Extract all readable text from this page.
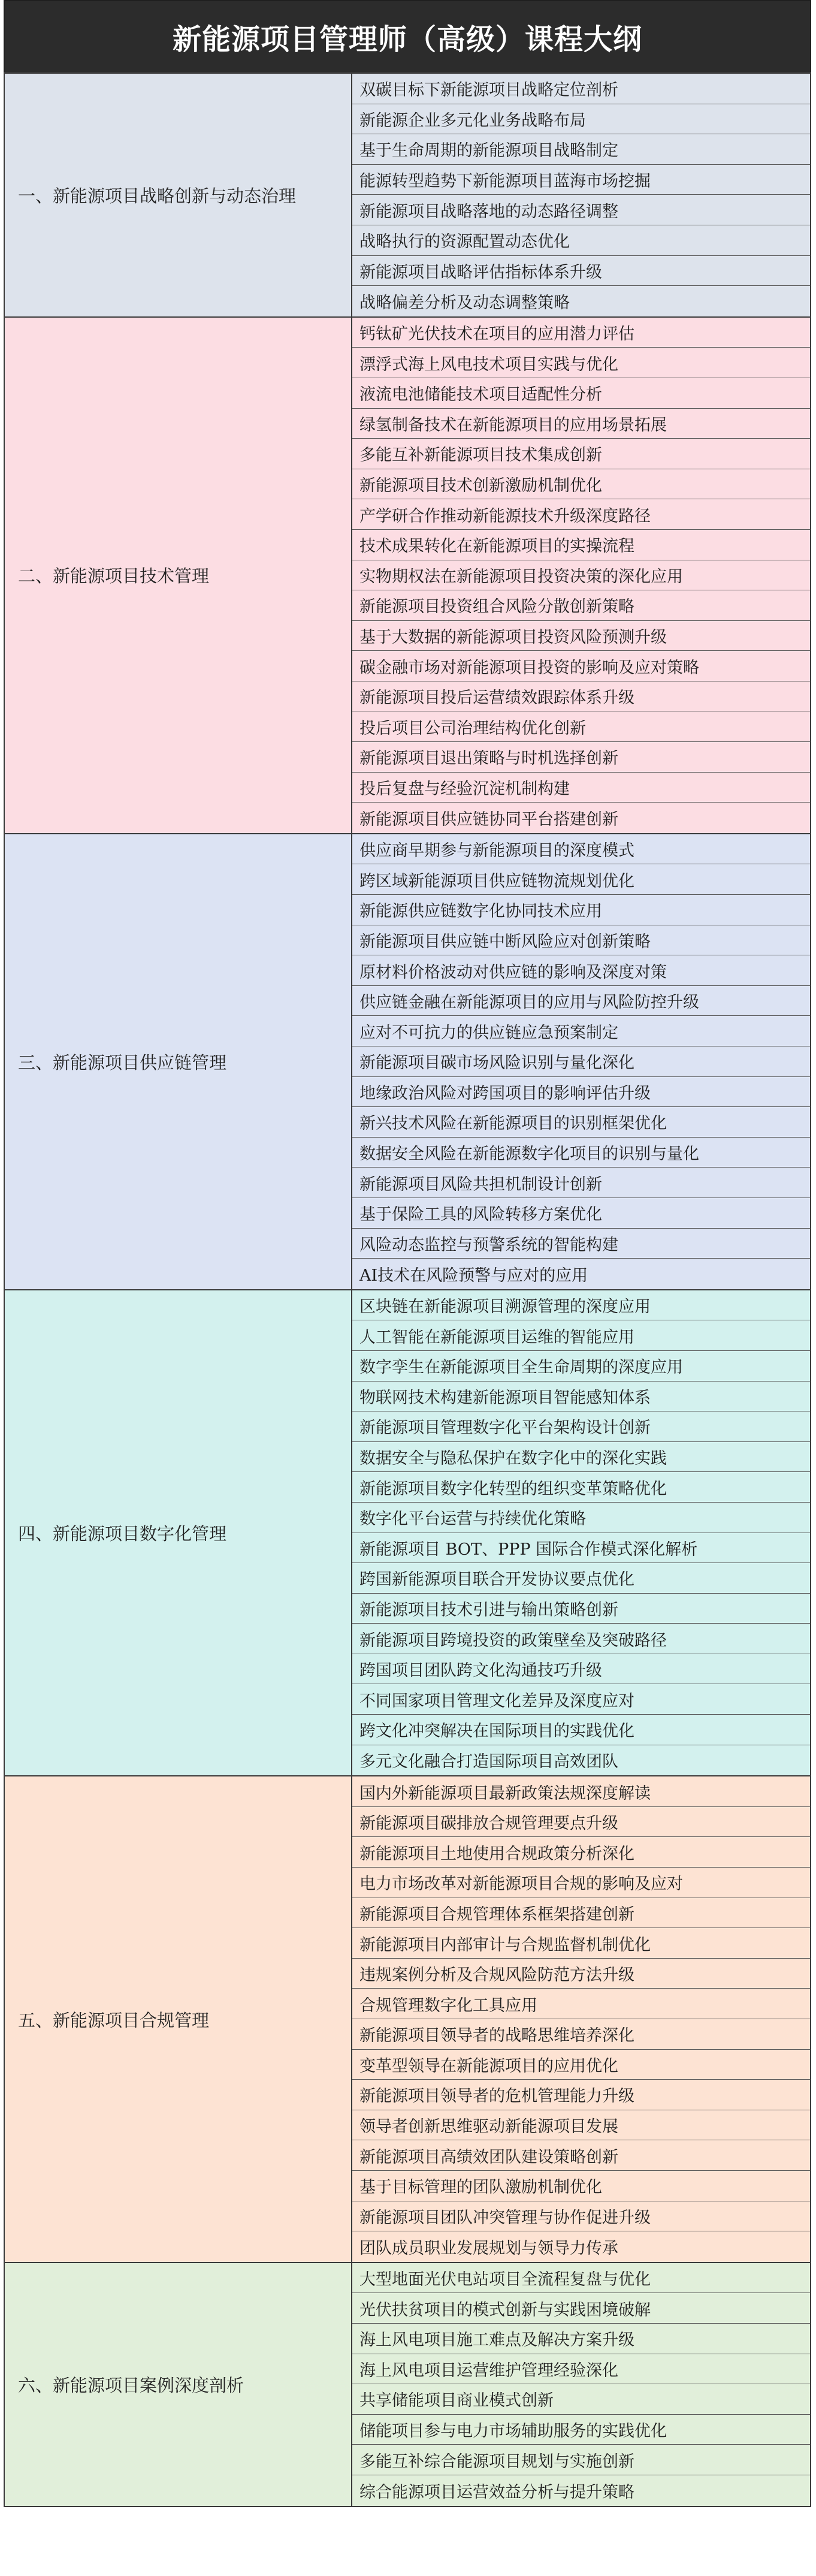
新能源项目管理师（高级）课程大纲
一、新能源项目战略创新与动态治理
双碳目标下新能源项目战略定位剖析
新能源企业多元化业务战略布局
基于生命周期的新能源项目战略制定
能源转型趋势下新能源项目蓝海市场挖掘
新能源项目战略落地的动态路径调整
战略执行的资源配置动态优化
新能源项目战略评估指标体系升级
战略偏差分析及动态调整策略
二、新能源项目技术管理
钙钛矿光伏技术在项目的应用潜力评估
漂浮式海上风电技术项目实践与优化
液流电池储能技术项目适配性分析
绿氢制备技术在新能源项目的应用场景拓展
多能互补新能源项目技术集成创新
新能源项目技术创新激励机制优化
产学研合作推动新能源技术升级深度路径
技术成果转化在新能源项目的实操流程
实物期权法在新能源项目投资决策的深化应用
新能源项目投资组合风险分散创新策略
基于大数据的新能源项目投资风险预测升级
碳金融市场对新能源项目投资的影响及应对策略
新能源项目投后运营绩效跟踪体系升级
投后项目公司治理结构优化创新
新能源项目退出策略与时机选择创新
投后复盘与经验沉淀机制构建
新能源项目供应链协同平台搭建创新
三、新能源项目供应链管理
供应商早期参与新能源项目的深度模式
跨区域新能源项目供应链物流规划优化
新能源供应链数字化协同技术应用
新能源项目供应链中断风险应对创新策略
原材料价格波动对供应链的影响及深度对策
供应链金融在新能源项目的应用与风险防控升级
应对不可抗力的供应链应急预案制定
新能源项目碳市场风险识别与量化深化
地缘政治风险对跨国项目的影响评估升级
新兴技术风险在新能源项目的识别框架优化
数据安全风险在新能源数字化项目的识别与量化
新能源项目风险共担机制设计创新
基于保险工具的风险转移方案优化
风险动态监控与预警系统的智能构建
AI技术在风险预警与应对的应用
四、新能源项目数字化管理
区块链在新能源项目溯源管理的深度应用
人工智能在新能源项目运维的智能应用
数字孪生在新能源项目全生命周期的深度应用
物联网技术构建新能源项目智能感知体系
新能源项目管理数字化平台架构设计创新
数据安全与隐私保护在数字化中的深化实践
新能源项目数字化转型的组织变革策略优化
数字化平台运营与持续优化策略
新能源项目 BOT、PPP 国际合作模式深化解析
跨国新能源项目联合开发协议要点优化
新能源项目技术引进与输出策略创新
新能源项目跨境投资的政策壁垒及突破路径
跨国项目团队跨文化沟通技巧升级
不同国家项目管理文化差异及深度应对
跨文化冲突解决在国际项目的实践优化
多元文化融合打造国际项目高效团队
五、新能源项目合规管理
国内外新能源项目最新政策法规深度解读
新能源项目碳排放合规管理要点升级
新能源项目土地使用合规政策分析深化
电力市场改革对新能源项目合规的影响及应对
新能源项目合规管理体系框架搭建创新
新能源项目内部审计与合规监督机制优化
违规案例分析及合规风险防范方法升级
合规管理数字化工具应用
新能源项目领导者的战略思维培养深化
变革型领导在新能源项目的应用优化
新能源项目领导者的危机管理能力升级
领导者创新思维驱动新能源项目发展
新能源项目高绩效团队建设策略创新
基于目标管理的团队激励机制优化
新能源项目团队冲突管理与协作促进升级
团队成员职业发展规划与领导力传承
六、新能源项目案例深度剖析
大型地面光伏电站项目全流程复盘与优化
光伏扶贫项目的模式创新与实践困境破解
海上风电项目施工难点及解决方案升级
海上风电项目运营维护管理经验深化
共享储能项目商业模式创新
储能项目参与电力市场辅助服务的实践优化
多能互补综合能源项目规划与实施创新
综合能源项目运营效益分析与提升策略
